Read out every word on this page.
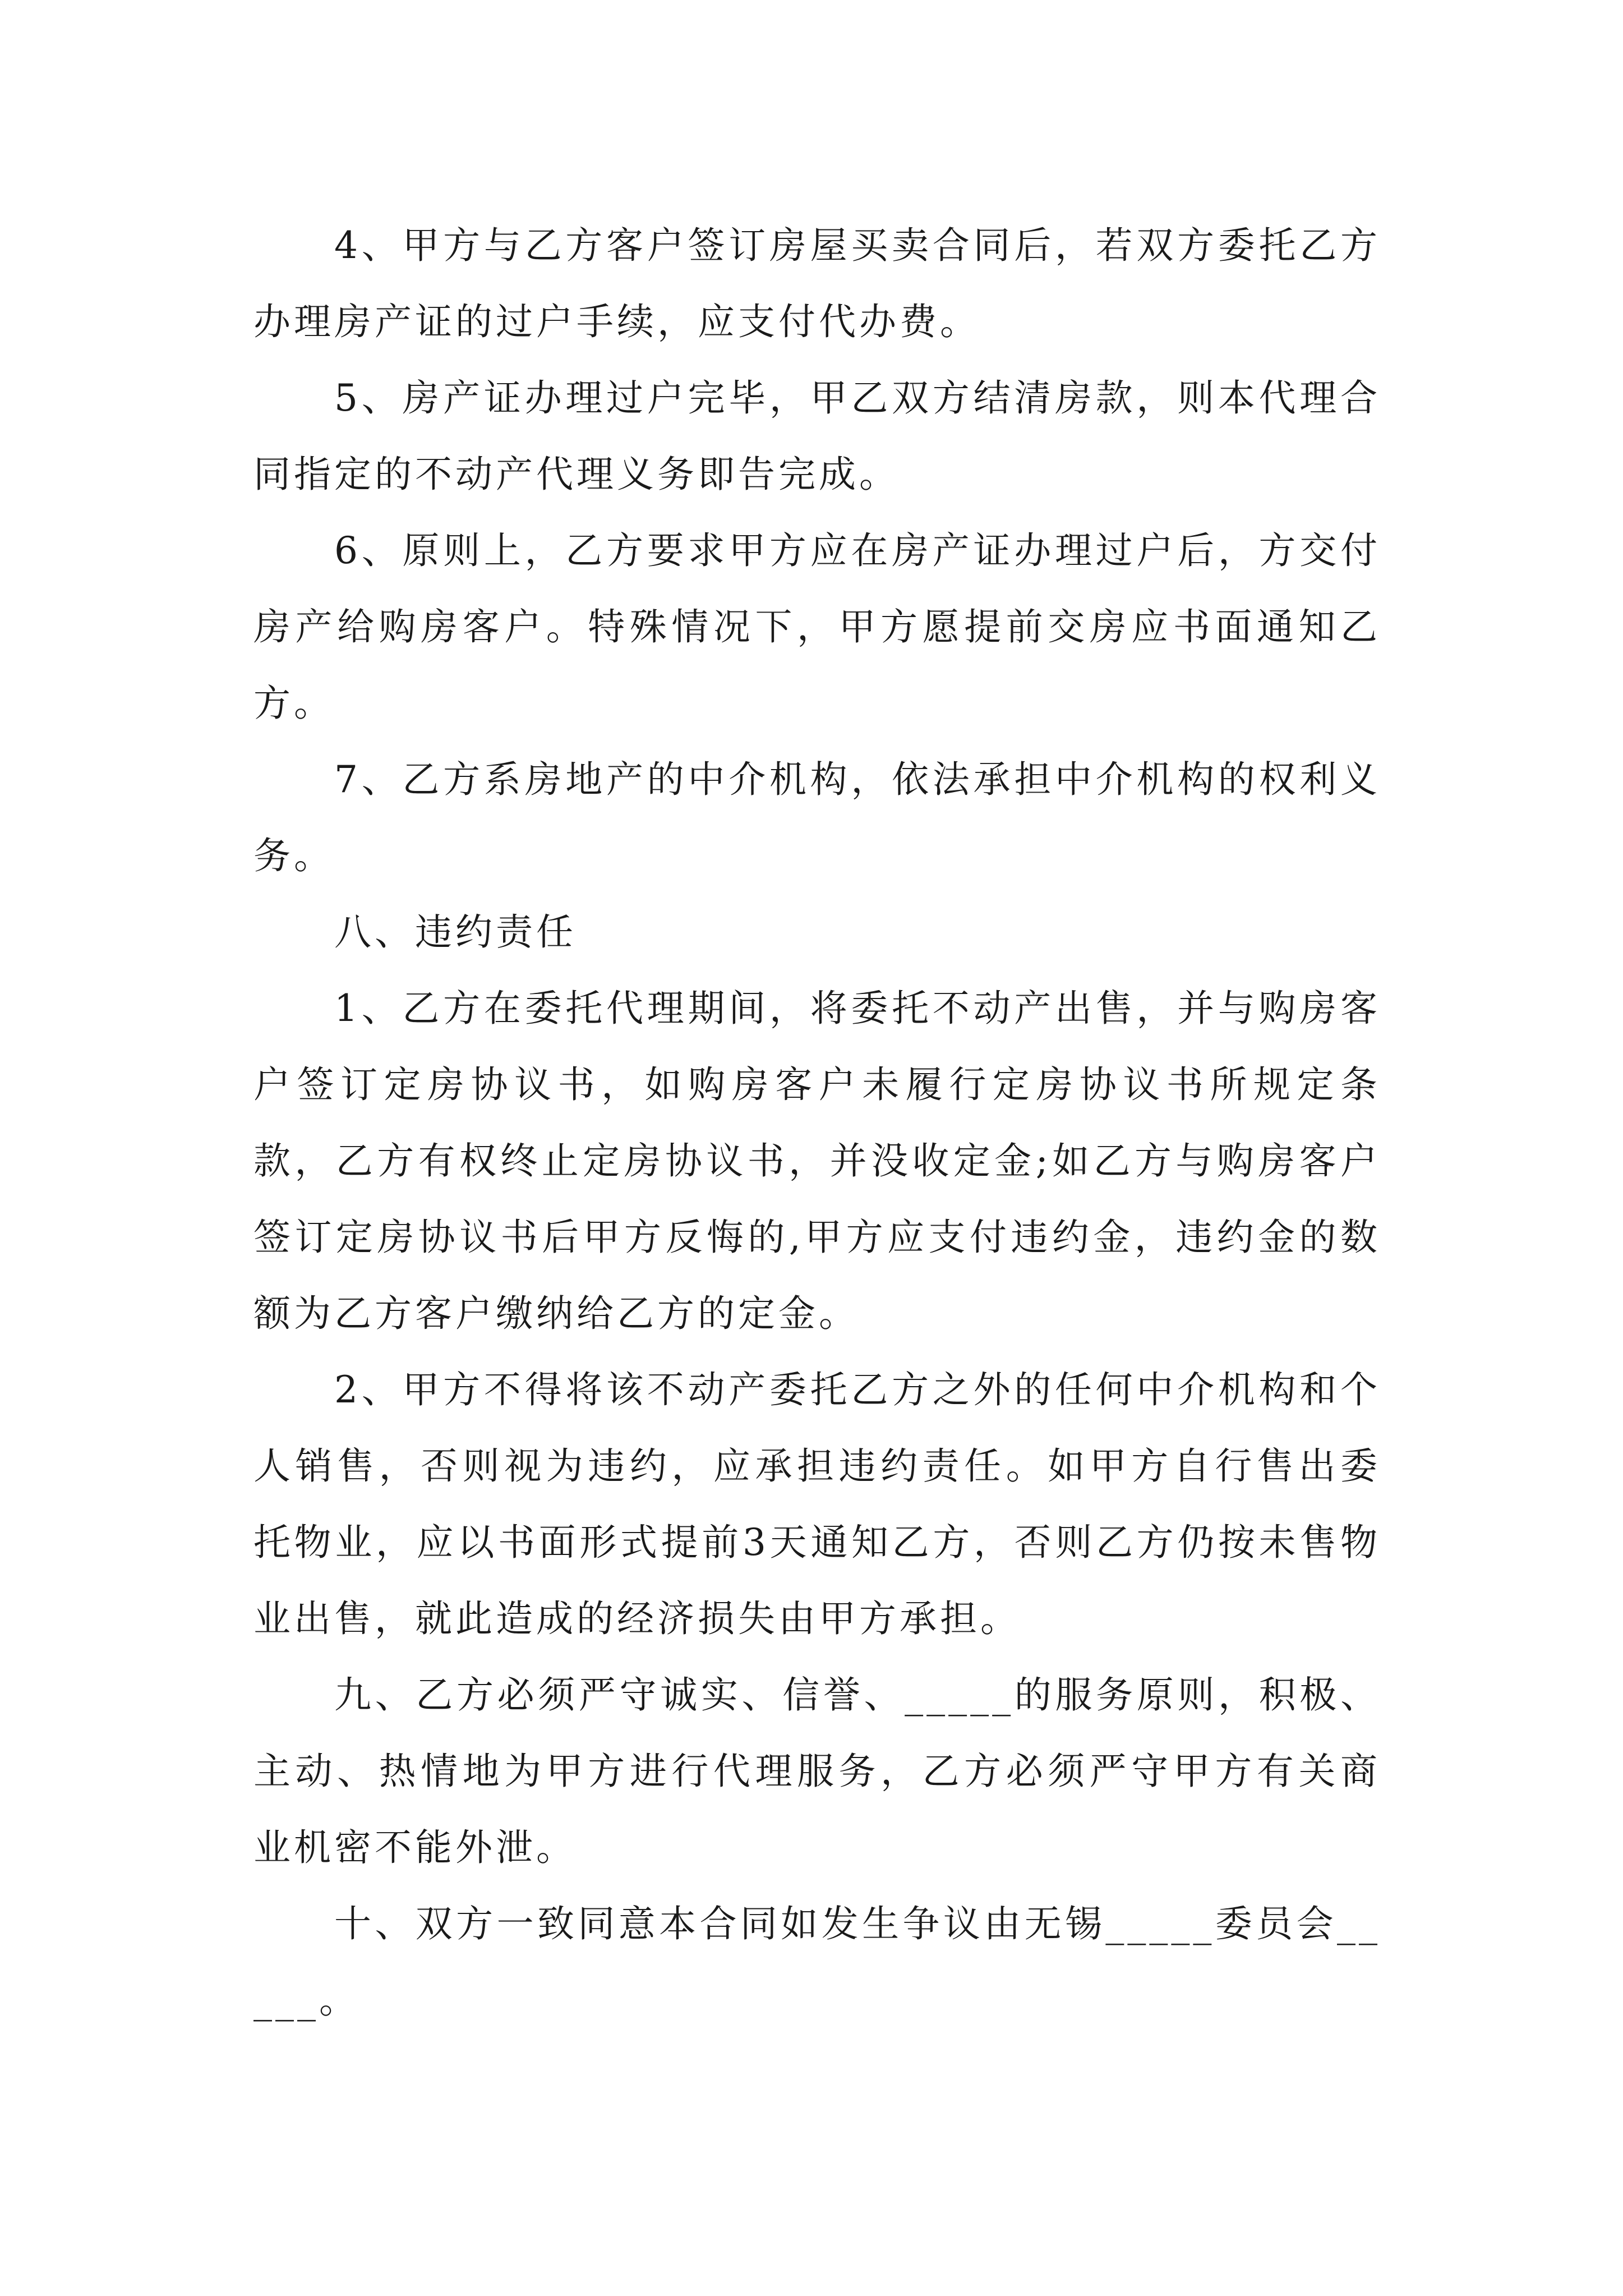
4、甲方与乙方客户签订房屋买卖合同后，若双方委托乙方办理房产证的过户手续，应支付代办费。

5、房产证办理过户完毕，甲乙双方结清房款，则本代理合同指定的不动产代理义务即告完成。

6、原则上，乙方要求甲方应在房产证办理过户后，方交付房产给购房客户。特殊情况下，甲方愿提前交房应书面通知乙方。

7、乙方系房地产的中介机构，依法承担中介机构的权利义务。

八、违约责任

1、乙方在委托代理期间，将委托不动产出售，并与购房客户签订定房协议书，如购房客户未履行定房协议书所规定条款，乙方有权终止定房协议书，并没收定金;如乙方与购房客户签订定房协议书后甲方反悔的,甲方应支付违约金，违约金的数额为乙方客户缴纳给乙方的定金。

2、甲方不得将该不动产委托乙方之外的任何中介机构和个人销售，否则视为违约，应承担违约责任。如甲方自行售出委托物业，应以书面形式提前3天通知乙方，否则乙方仍按未售物业出售，就此造成的经济损失由甲方承担。

九、乙方必须严守诚实、信誉、_____的服务原则，积极、主动、热情地为甲方进行代理服务，乙方必须严守甲方有关商业机密不能外泄。

十、双方一致同意本合同如发生争议由无锡_____委员会_____。
